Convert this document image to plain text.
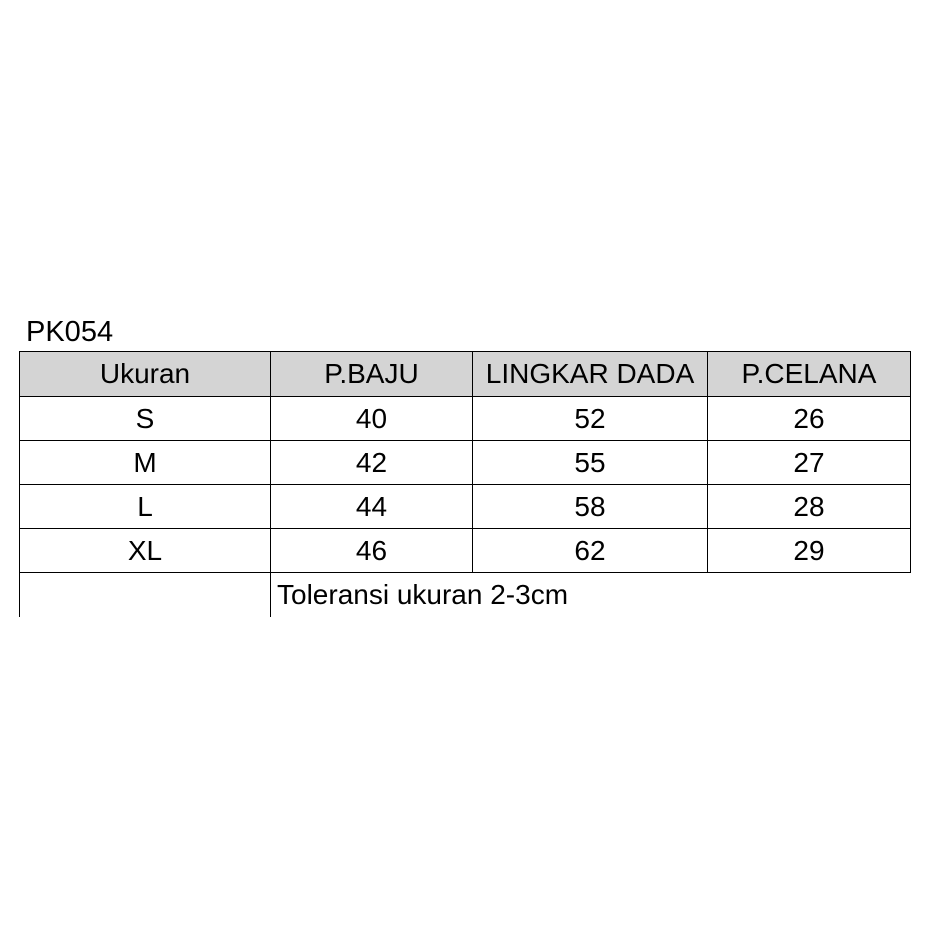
PK054
Ukuran	P.BAJU	LINGKAR DADA	P.CELANA
S	40	52	26
M	42	55	27
L	44	58	28
XL	46	62	29
	Toleransi ukuran 2-3cm		
